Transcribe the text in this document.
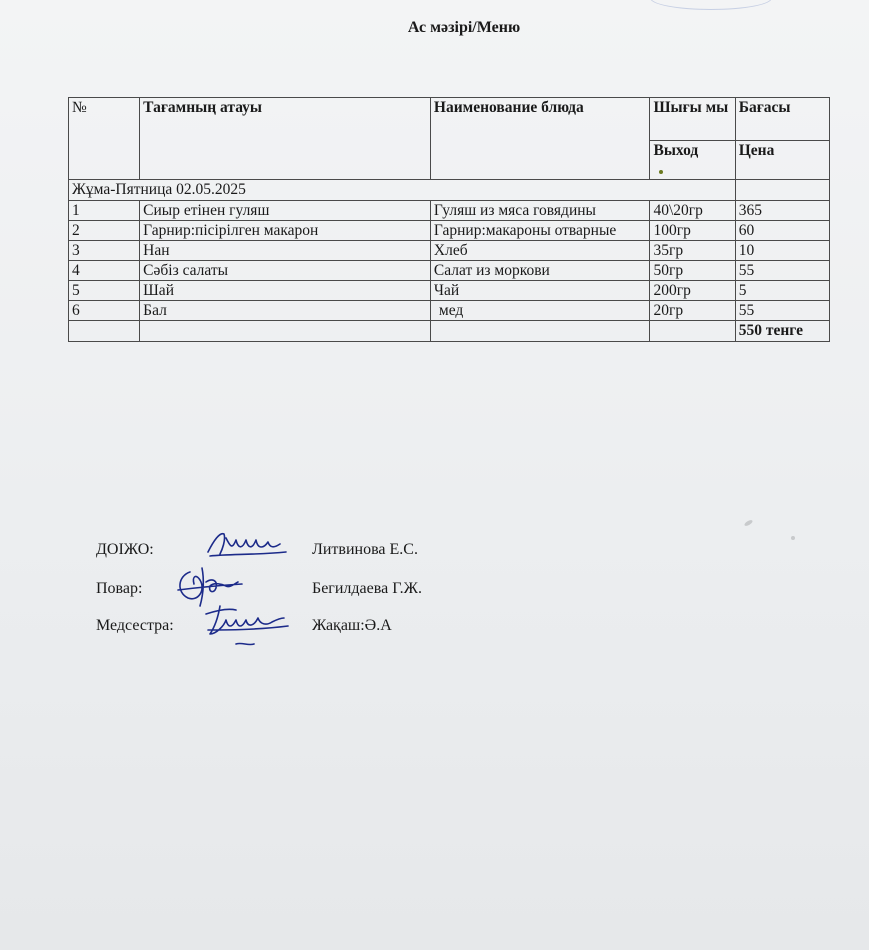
Ас мәзірі/Меню
№	Тағамның атауы	Наименование блюда	Шығы мы	Бағасы
			Выход	Цена
Жұма-Пятница 02.05.2025				
1	Сиыр етінен гуляш	Гуляш из мяса говядины	40\20гр	365
2	Гарнир:пісірілген макарон	Гарнир:макароны отварные	100гр	60
3	Нан	Хлеб	35гр	10
4	Сәбіз салаты	Салат из моркови	50гр	55
5	Шай	Чай	200гр	5
6	Бал	мед	20гр	55
				550 тенге
ДОІЖО:	Литвинова Е.С.
Повар:	Бегилдаева Г.Ж.
Медсестра:	Жақаш:Ә.А
